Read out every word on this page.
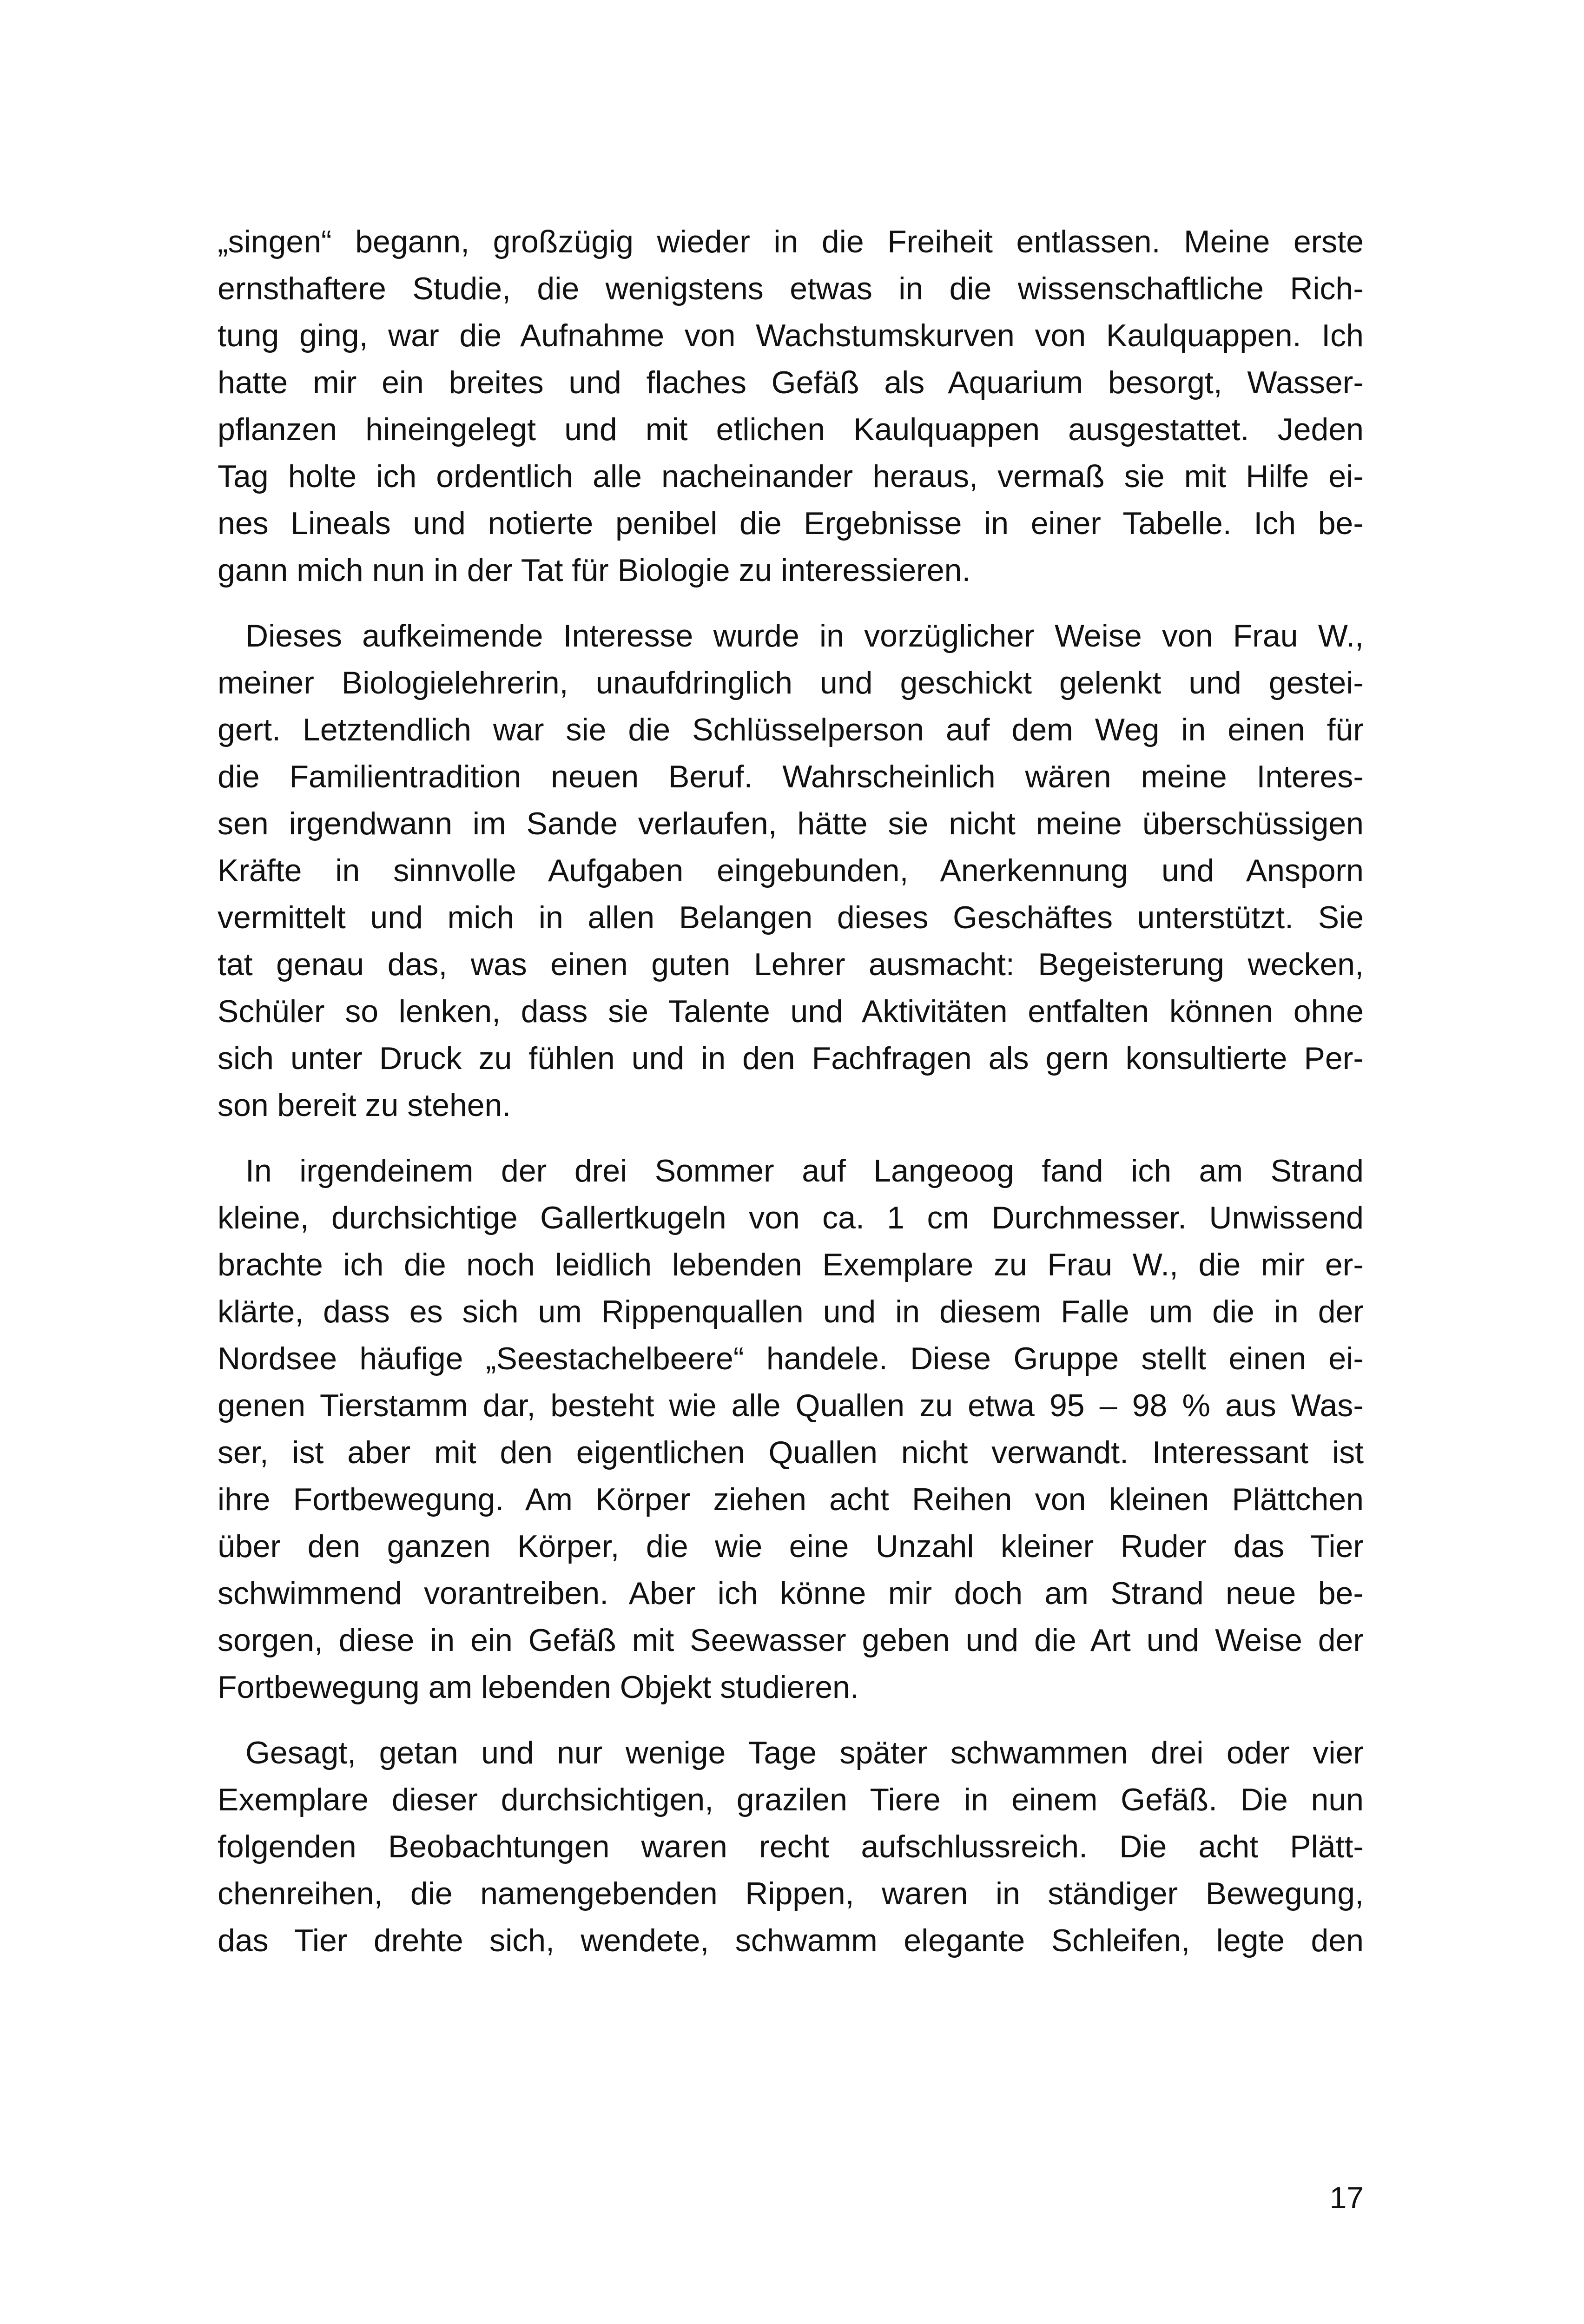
„singen“ begann, großzügig wieder in die Freiheit entlassen. Meine erste
ernsthaftere Studie, die wenigstens etwas in die wissenschaftliche Rich-
tung ging, war die Aufnahme von Wachstumskurven von Kaulquappen. Ich
hatte mir ein breites und flaches Gefäß als Aquarium besorgt, Wasser-
pflanzen hineingelegt und mit etlichen Kaulquappen ausgestattet. Jeden
Tag holte ich ordentlich alle nacheinander heraus, vermaß sie mit Hilfe ei-
nes Lineals und notierte penibel die Ergebnisse in einer Tabelle. Ich be-
gann mich nun in der Tat für Biologie zu interessieren.
Dieses aufkeimende Interesse wurde in vorzüglicher Weise von Frau W.,
meiner Biologielehrerin, unaufdringlich und geschickt gelenkt und gestei-
gert. Letztendlich war sie die Schlüsselperson auf dem Weg in einen für
die Familientradition neuen Beruf. Wahrscheinlich wären meine Interes-
sen irgendwann im Sande verlaufen, hätte sie nicht meine überschüssigen
Kräfte in sinnvolle Aufgaben eingebunden, Anerkennung und Ansporn
vermittelt und mich in allen Belangen dieses Geschäftes unterstützt. Sie
tat genau das, was einen guten Lehrer ausmacht: Begeisterung wecken,
Schüler so lenken, dass sie Talente und Aktivitäten entfalten können ohne
sich unter Druck zu fühlen und in den Fachfragen als gern konsultierte Per-
son bereit zu stehen.
In irgendeinem der drei Sommer auf Langeoog fand ich am Strand
kleine, durchsichtige Gallertkugeln von ca. 1 cm Durchmesser. Unwissend
brachte ich die noch leidlich lebenden Exemplare zu Frau W., die mir er-
klärte, dass es sich um Rippenquallen und in diesem Falle um die in der
Nordsee häufige „Seestachelbeere“ handele. Diese Gruppe stellt einen ei-
genen Tierstamm dar, besteht wie alle Quallen zu etwa 95 – 98 % aus Was-
ser, ist aber mit den eigentlichen Quallen nicht verwandt. Interessant ist
ihre Fortbewegung. Am Körper ziehen acht Reihen von kleinen Plättchen
über den ganzen Körper, die wie eine Unzahl kleiner Ruder das Tier
schwimmend vorantreiben. Aber ich könne mir doch am Strand neue be-
sorgen, diese in ein Gefäß mit Seewasser geben und die Art und Weise der
Fortbewegung am lebenden Objekt studieren.
Gesagt, getan und nur wenige Tage später schwammen drei oder vier
Exemplare dieser durchsichtigen, grazilen Tiere in einem Gefäß. Die nun
folgenden Beobachtungen waren recht aufschlussreich. Die acht Plätt-
chenreihen, die namengebenden Rippen, waren in ständiger Bewegung,
das Tier drehte sich, wendete, schwamm elegante Schleifen, legte den
17
